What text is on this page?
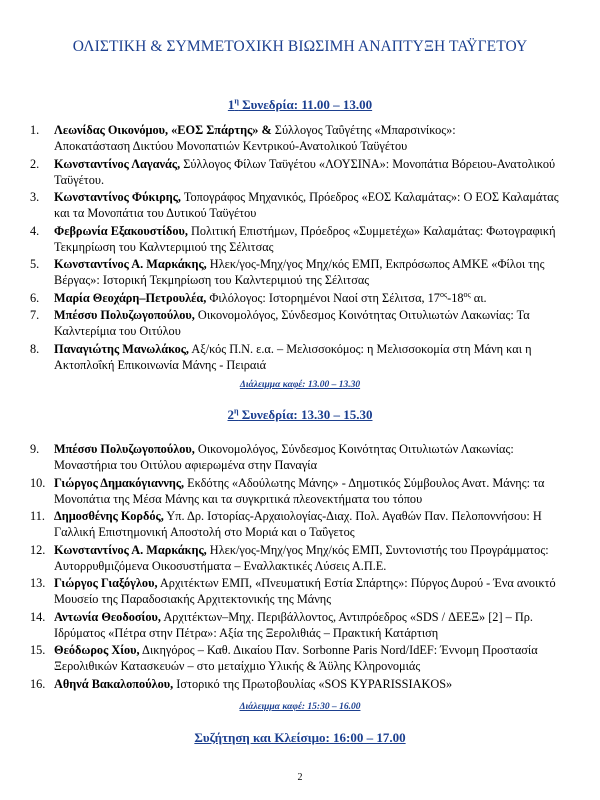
ΟΛΙΣΤΙΚΗ & ΣΥΜΜΕΤΟΧΙΚΗ ΒΙΩΣΙΜΗ ΑΝΑΠΤΥΞΗ ΤΑΫΓΕΤΟΥ
$1^\eta$ Συνεδρία: 11.00 – 13.00
1.	Λεωνίδας Οικονόμου, «ΕΟΣ Σπάρτης» & Σύλλογος Ταΰγέτης «Μπαρσινίκος»:
Αποκατάσταση Δικτύου Μονοπατιών Κεντρικού-Ανατολικού Ταϋγέτου
2.	Κωνσταντίνος Λαγανάς, Σύλλογος Φίλων Ταϋγέτου «ΛΟΥΣΙΝΑ»: Μονοπάτια Βόρειου-Ανατολικού Ταϋγέτου.
3.	Κωνσταντίνος Φύκιρης, Τοπογράφος Μηχανικός, Πρόεδρος «ΕΟΣ Καλαμάτας»: Ο ΕΟΣ Καλαμάτας και τα Μονοπάτια του Δυτικού Ταϋγέτου
4.	Φεβρωνία Εξακουστίδου, Πολιτική Επιστήμων, Πρόεδρος «Συμμετέχω» Καλαμάτας: Φωτογραφική Τεκμηρίωση του Καλντεριμιού της Σέλιτσας
5.	Κωνσταντίνος Α. Μαρκάκης, Ηλεκ/γος-Μηχ/γος Μηχ/κός ΕΜΠ, Εκπρόσωπος ΑΜΚΕ «Φίλοι της Βέργας»: Ιστορική Τεκμηρίωση του Καλντεριμιού της Σέλιτσας
6.	Μαρία Θεοχάρη–Πετρουλέα, Φιλόλογος: Ιστορημένοι Ναοί στη Σέλιτσα, $17^{o\varsigma}-18^{o\varsigma}$ αι.
7.	Μπέσσυ Πολυζωγοπούλου, Οικονομολόγος, Σύνδεσμος Κοινότητας Οιτυλιωτών Λακωνίας: Τα Καλντερίμια του Οιτύλου
8.	Παναγιώτης Μανωλάκος, Αξ/κός Π.Ν. ε.α. – Μελισσοκόμος: η Μελισσοκομία στη Μάνη και η Ακτοπλοΐκή Επικοινωνία Μάνης - Πειραιά
Διάλειμμα καφέ: 13.00 – 13.30
$2^\eta$ Συνεδρία: 13.30 – 15.30
9.	Μπέσσυ Πολυζωγοπούλου, Οικονομολόγος, Σύνδεσμος Κοινότητας Οιτυλιωτών Λακωνίας: Μοναστήρια του Οιτύλου αφιερωμένα στην Παναγία
10. Γιώργος Δημακόγιαννης, Εκδότης «Αδούλωτης Μάνης» - Δημοτικός Σύμβουλος Ανατ. Μάνης: τα Μονοπάτια της Μέσα Μάνης και τα συγκριτικά πλεονεκτήματα του τόπου
11. Δημοσθένης Κορδός, Υπ. Δρ. Ιστορίας-Αρχαιολογίας-Διαχ. Πολ. Αγαθών Παν. Πελοποννήσου: Η Γαλλική Επιστημονική Αποστολή στο Μοριά και ο Ταΰγετος
12. Κωνσταντίνος Α. Μαρκάκης, Ηλεκ/γος-Μηχ/γος Μηχ/κός ΕΜΠ, Συντονιστής του Προγράμματος: Αυτορρυθμιζόμενα Οικοσυστήματα – Εναλλακτικές Λύσεις Α.Π.Ε.
13. Γιώργος Γιαξόγλου, Αρχιτέκτων ΕΜΠ, «Πνευματική Εστία Σπάρτης»: Πύργος Δυρού - Ένα ανοικτό Μουσείο της Παραδοσιακής Αρχιτεκτονικής της Μάνης
14. Αντωνία Θεοδοσίου, Αρχιτέκτων–Μηχ. Περιβάλλοντος, Αντιπρόεδρος «SDS / ΔΕΕΞ» [2] – Πρ. Ιδρύματος «Πέτρα στην Πέτρα»: Αξία της Ξερολιθιάς – Πρακτική Κατάρτιση
15. Θεόδωρος Χίου, Δικηγόρος – Καθ. Δικαίου Παν. Sorbonne Paris Nord/IdEF: Έννομη Προστασία Ξερολιθικών Κατασκευών – στο μεταίχμιο Υλικής & Άϋλης Κληρονομιάς
16. Αθηνά Βακαλοπούλου, Ιστορικό της Πρωτοβουλίας «SOS KYPARISSIAKOS»
Διάλειμμα καφέ: 15:30 – 16.00
Συζήτηση και Κλείσιμο: 16:00 – 17.00
2
